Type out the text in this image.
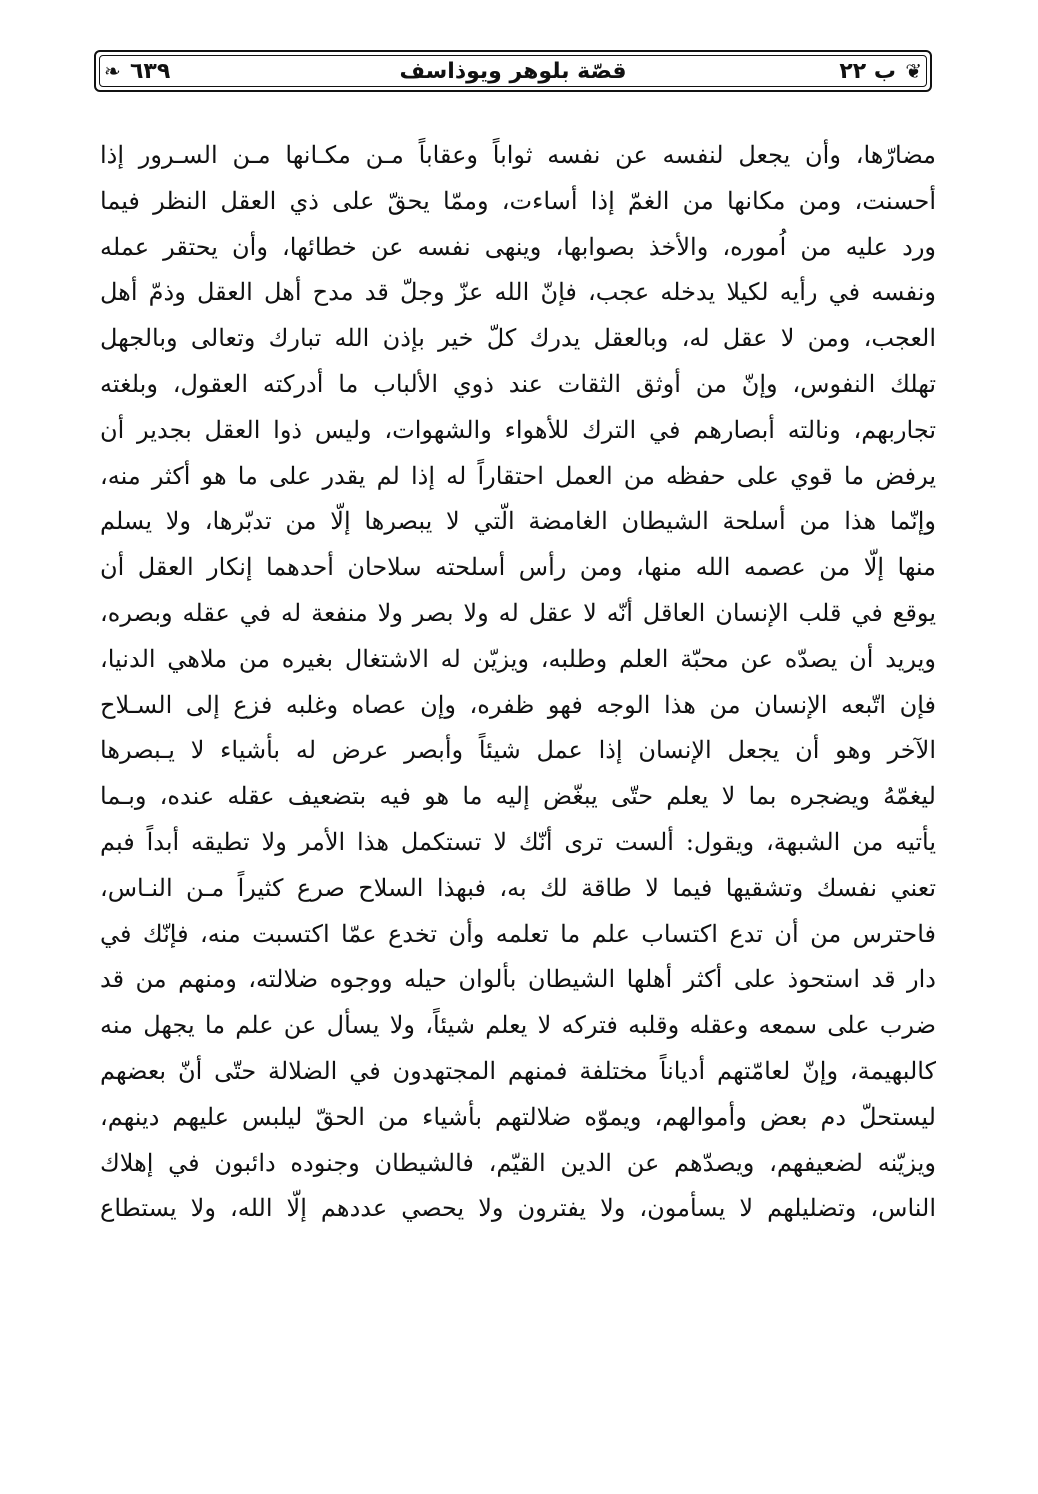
❦
ب ٢٢
قصّة بلوهر ويوذاسف
٦٣٩
❧
مضارّها، وأن يجعل لنفسه عن نفسه ثواباً وعقاباً مـن مكـانها مـن السـرور إذا
أحسنت، ومن مكانها من الغمّ إذا أساءت، وممّا يحقّ على ذي العقل النظر فيما
ورد عليه من اُموره، والأخذ بصوابها، وينهى نفسه عن خطائها، وأن يحتقر عمله
ونفسه في رأيه لكيلا يدخله عجب، فإنّ الله عزّ وجلّ قد مدح أهل العقل وذمّ أهل
العجب، ومن لا عقل له، وبالعقل يدرك كلّ خير بإذن الله تبارك وتعالى وبالجهل
تهلك النفوس، وإنّ من أوثق الثقات عند ذوي الألباب ما أدركته العقول، وبلغته
تجاربهم، ونالته أبصارهم في الترك للأهواء والشهوات، وليس ذوا العقل بجدير أن
يرفض ما قوي على حفظه من العمل احتقاراً له إذا لم يقدر على ما هو أكثر منه،
وإنّما هذا من أسلحة الشيطان الغامضة الّتي لا يبصرها إلّا من تدبّرها، ولا يسلم
منها إلّا من عصمه الله منها، ومن رأس أسلحته سلاحان أحدهما إنكار العقل أن
يوقع في قلب الإنسان العاقل أنّه لا عقل له ولا بصر ولا منفعة له في عقله وبصره،
ويريد أن يصدّه عن محبّة العلم وطلبه، ويزيّن له الاشتغال بغيره من ملاهي الدنيا،
فإن اتّبعه الإنسان من هذا الوجه فهو ظفره، وإن عصاه وغلبه فزع إلى السـلاح
الآخر وهو أن يجعل الإنسان إذا عمل شيئاً وأبصر عرض له بأشياء لا يـبصرها
ليغمّهُ ويضجره بما لا يعلم حتّى يبغّض إليه ما هو فيه بتضعيف عقله عنده، وبـما
يأتيه من الشبهة، ويقول: ألست ترى أنّك لا تستكمل هذا الأمر ولا تطيقه أبداً فبم
تعني نفسك وتشقيها فيما لا طاقة لك به، فبهذا السلاح صرع كثيراً مـن النـاس،
فاحترس من أن تدع اكتساب علم ما تعلمه وأن تخدع عمّا اكتسبت منه، فإنّك في
دار قد استحوذ على أكثر أهلها الشيطان بألوان حيله ووجوه ضلالته، ومنهم من قد
ضرب على سمعه وعقله وقلبه فتركه لا يعلم شيئاً، ولا يسأل عن علم ما يجهل منه
كالبهيمة، وإنّ لعامّتهم أدياناً مختلفة فمنهم المجتهدون في الضلالة حتّى أنّ بعضهم
ليستحلّ دم بعض وأموالهم، ويموّه ضلالتهم بأشياء من الحقّ ليلبس عليهم دينهم،
ويزيّنه لضعيفهم، ويصدّهم عن الدين القيّم، فالشيطان وجنوده دائبون في إهلاك
الناس، وتضليلهم لا يسأمون، ولا يفترون ولا يحصي عددهم إلّا الله، ولا يستطاع
